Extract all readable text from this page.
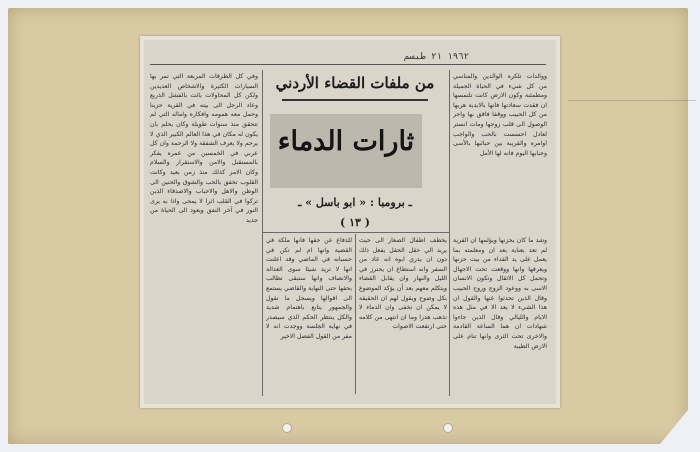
١٩٦٢ ٢١ طبسم
من ملفات القضاء الأردني
ثارات الدماء
ـ برومبا : « ابو باسل » ـ
( ١٣ )
ووالدات تلكره الوالدين والمناسي من كل شيء في الحياة الجميلة ومطمئنة وكون الارض كانت تلتمسها ان فقدت سعادتها فانها بالابدية هربها من كل الحبيب ووقفا فاقق بها واجر الوصول الى قلب زوجها ومات انستر لعادل احسست بالحب والواجب اوامره والقريبة بين حبائبها بالأسى وحبابها اليوم فانه لها الأمل
وشد ما كان يحزنها ويؤلمها ان القرية لم تعد بعناية بعد ان ومعلمته بما يعمل على يد الفداء من بيت حزنها ويعرفها وانها ووقعت تحت الاجهال وتحمل كل الاثقال وتكون الانسان الاسى به ووعود الزوج وروح الحبيب وقال الذين تحدثوا عنها والقول ان هذا الشيء لا يعد الا في مثل هذه الايام والليالي وقال الذين جاءوا شهادات ان هما الساعة القادمة والاخرى تحت الثرى وانها تنام على الارض الطيبة
يخطف اطفال الصغار الى حيث يريد الي حقل الحقل يفعل ذلك دون ان يدري ابوه انه عاد من السفر وانه استطاع ان يحترز في الليل والنهار وان يقابل القضاء ويتكلم معهم بعد أن يؤكد الموضوع بكل وضوح ويقول لهم ان الحقيقة لا يمكن ان تخفى وان الدماء لا تذهب هدرا وما ان انتهى من كلامه حتى ارتفعت الاصوات
للدفاع عن حقها فانها ملكة في القضية وانها ام لم تكن في حسبانه في الماضي وقد اعلنت انها لا تريد شيئا سوى العدالة والانصاف وانها ستبقى تطالب بحقها حتى النهاية والقاضي يستمع الى اقوالها ويسجل ما تقول والجمهور يتابع باهتمام شديد والكل ينتظر الحكم الذي سيصدر في نهاية الجلسة ووجدت انه لا مفر من القول الفصل الاخير
وفي كل الطرقات المربعة التي تمر بها السيارات الكثيرة والاشخاص العديدين ولكن كل المحاولات بائت بالفشل الذريع وعاد الرجل الى بيته في القرية حزينا وحمل معه همومه وافكاره واماله التي لم تتحقق منذ سنوات طويلة وكان يحلم بان يكون له مكان في هذا العالم الكبير الذي لا يرحم ولا يعرف الشفقة ولا الرحمة وان كل عربي في الخمسين من عمره يفكر بالمستقبل والامن والاستقرار والسلام وكان الامر كذلك منذ زمن بعيد وكانت القلوب تخفق بالحب والشوق والحنين الى الوطن والاهل والاحباب والاصدقاء الذين تركوا في القلب اثرا لا يمحى واذا به يرى النور في آخر النفق ويعود الى الحياة من جديد
